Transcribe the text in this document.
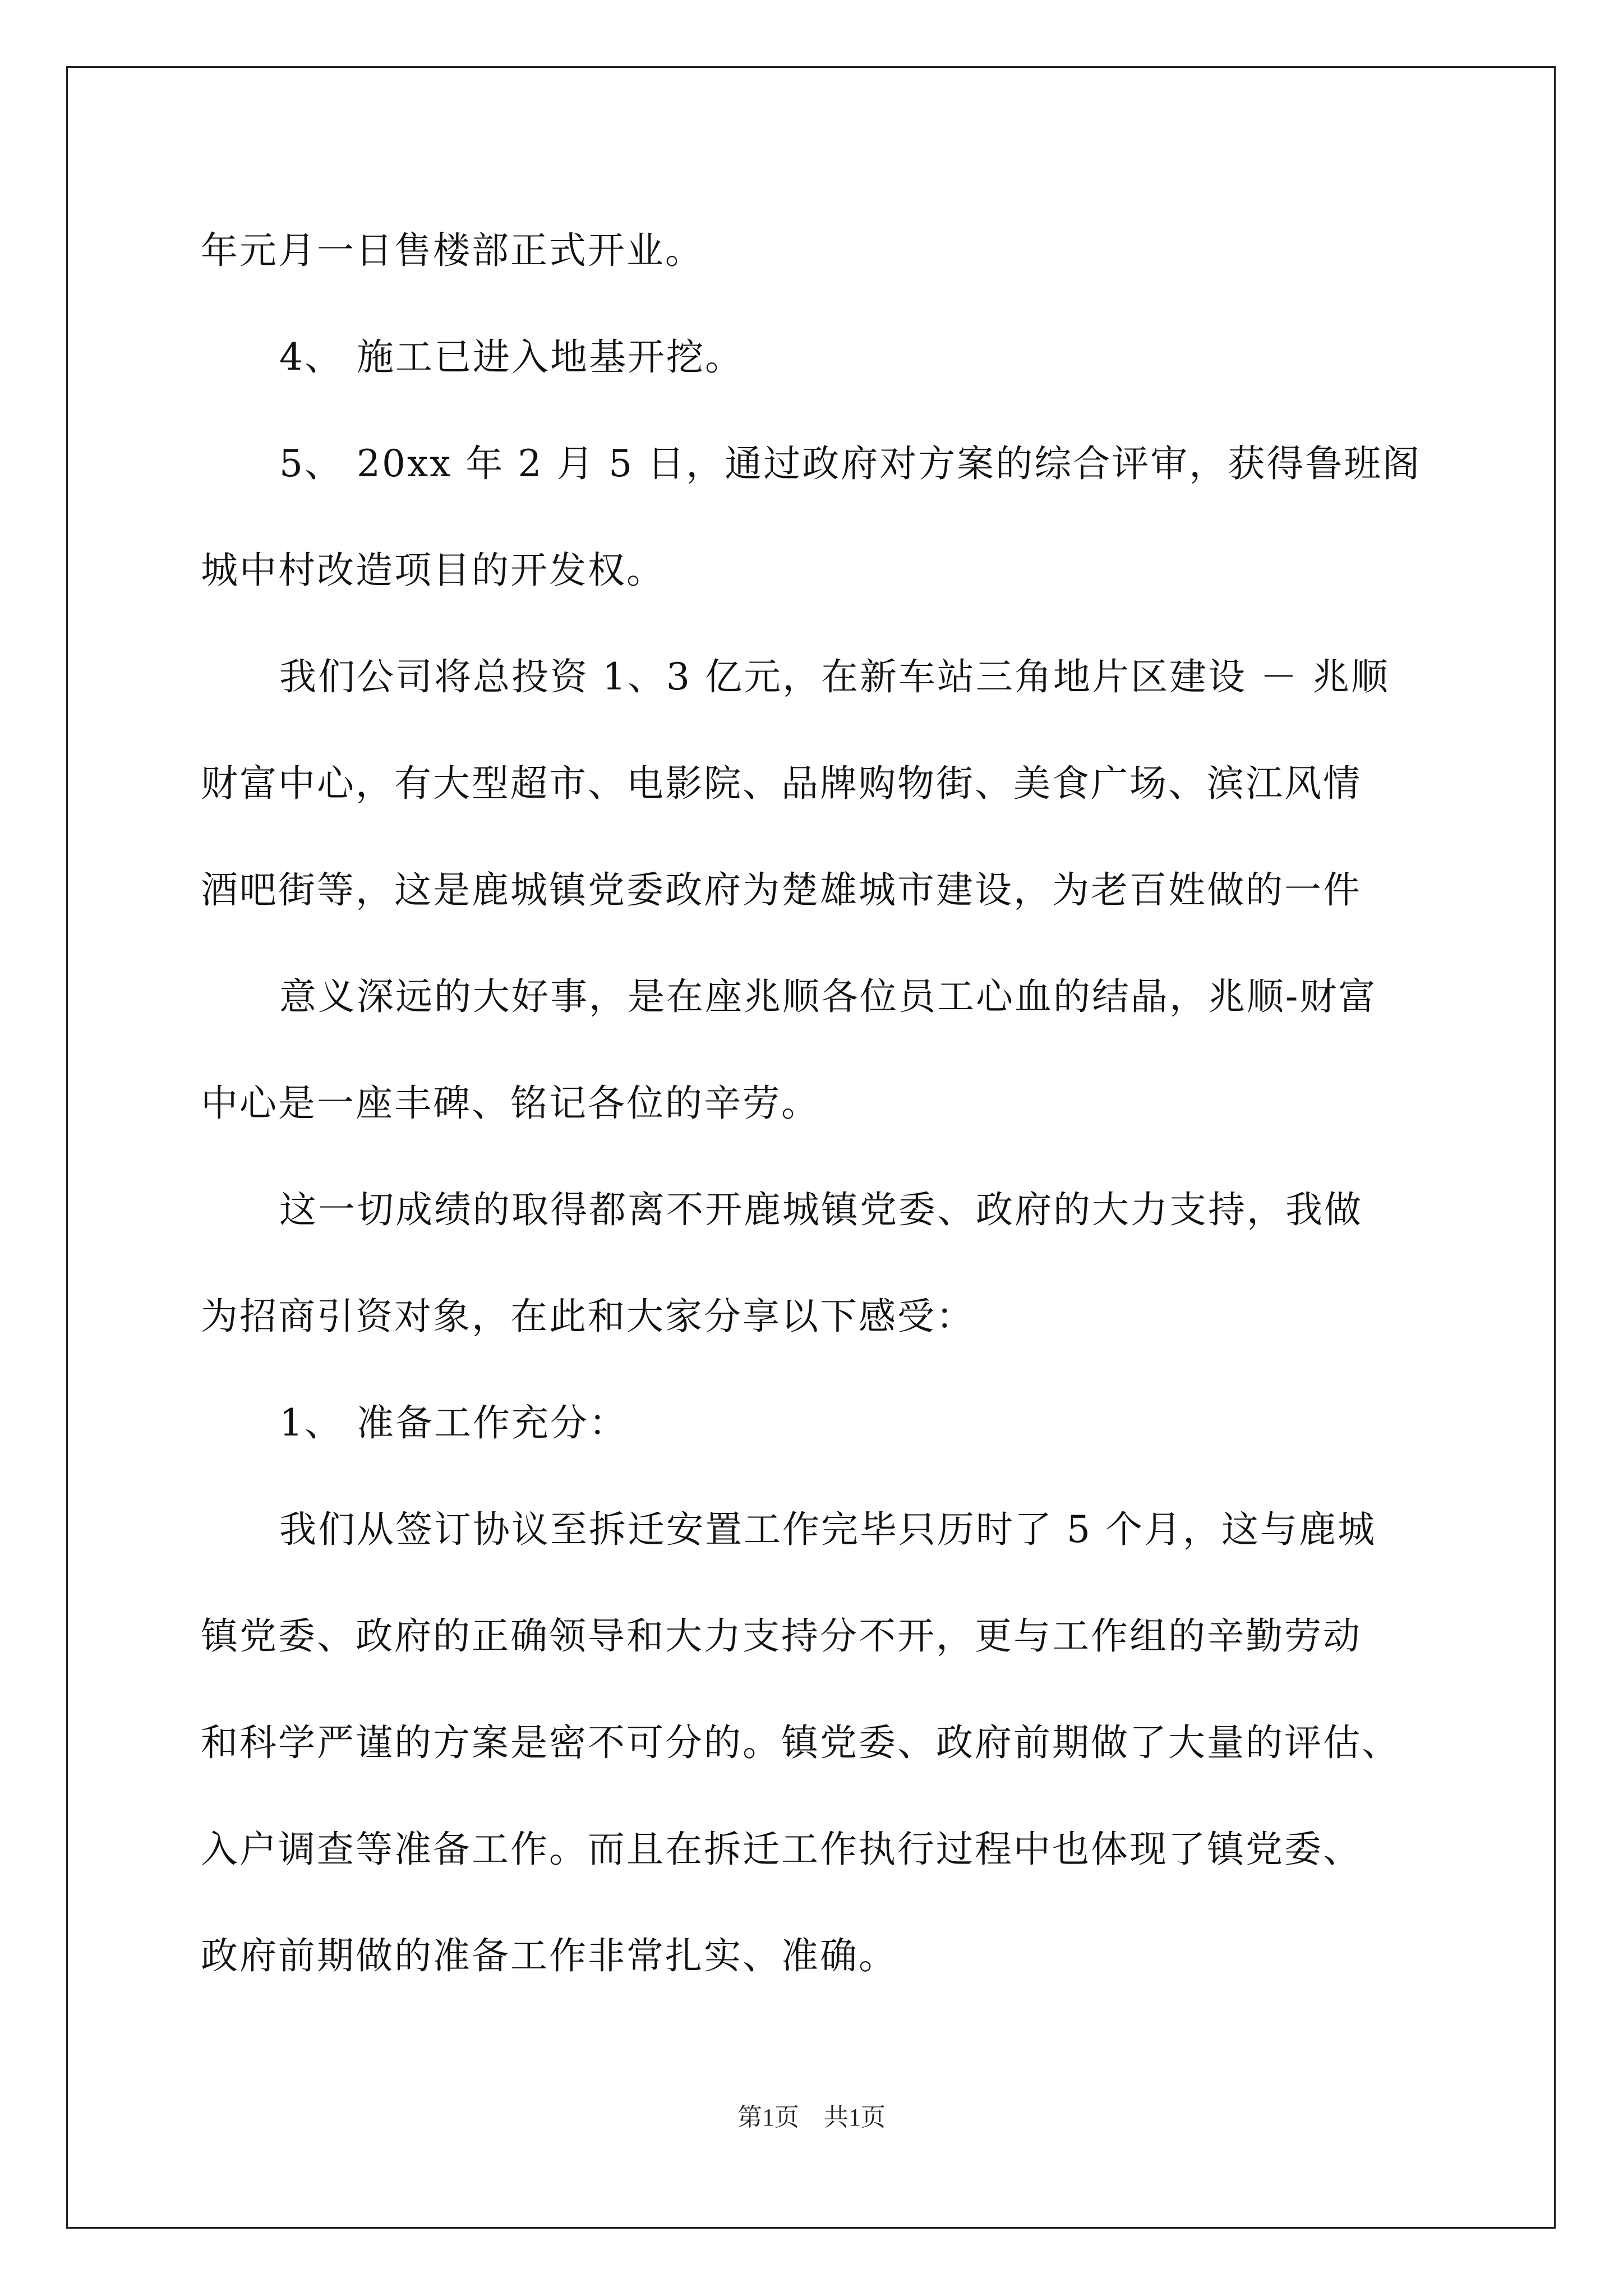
年元月一日售楼部正式开业。
4、 施工已进入地基开挖。
5、 20xx 年 2 月 5 日，通过政府对方案的综合评审，获得鲁班阁
城中村改造项目的开发权。
我们公司将总投资 1、3 亿元，在新车站三角地片区建设 － 兆顺
财富中心，有大型超市、电影院、品牌购物街、美食广场、滨江风情
酒吧街等，这是鹿城镇党委政府为楚雄城市建设，为老百姓做的一件
意义深远的大好事，是在座兆顺各位员工心血的结晶，兆顺-财富
中心是一座丰碑、铭记各位的辛劳。
这一切成绩的取得都离不开鹿城镇党委、政府的大力支持，我做
为招商引资对象，在此和大家分享以下感受：
1、 准备工作充分：
我们从签订协议至拆迁安置工作完毕只历时了 5 个月，这与鹿城
镇党委、政府的正确领导和大力支持分不开，更与工作组的辛勤劳动
和科学严谨的方案是密不可分的。镇党委、政府前期做了大量的评估、
入户调查等准备工作。而且在拆迁工作执行过程中也体现了镇党委、
政府前期做的准备工作非常扎实、准确。
第1页　共1页
